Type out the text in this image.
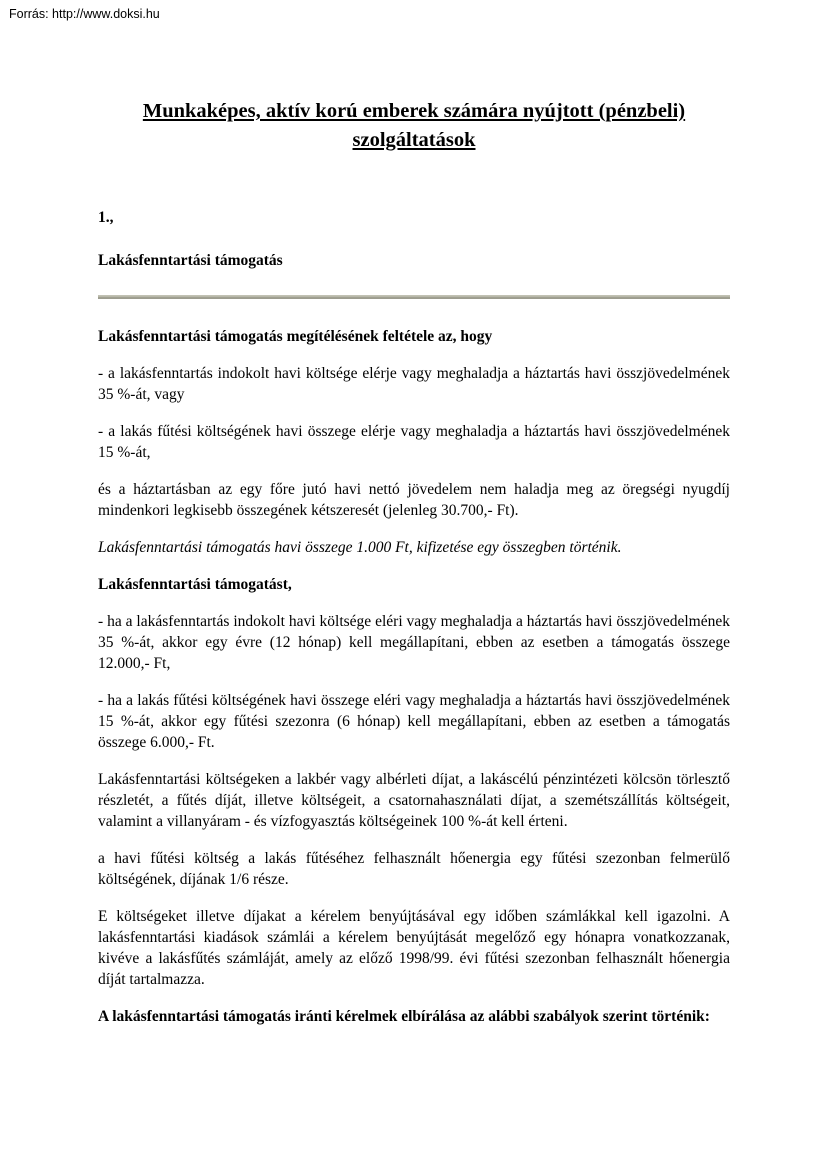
Forrás: http://www.doksi.hu
Munkaképes, aktív korú emberek számára nyújtott (pénzbeli) szolgáltatások

1.,

Lakásfenntartási támogatás

Lakásfenntartási támogatás megítélésének feltétele az, hogy

- a lakásfenntartás indokolt havi költsége elérje vagy meghaladja a háztartás havi összjövedelmének 35 %-át, vagy

- a lakás fűtési költségének havi összege elérje vagy meghaladja a háztartás havi összjövedelmének 15 %-át,

és a háztartásban az egy főre jutó havi nettó jövedelem nem haladja meg az öregségi nyugdíj mindenkori legkisebb összegének kétszeresét (jelenleg 30.700,- Ft).

Lakásfenntartási támogatás havi összege 1.000 Ft, kifizetése egy összegben történik.

Lakásfenntartási támogatást,

- ha a lakásfenntartás indokolt havi költsége eléri vagy meghaladja a háztartás havi összjövedelmének 35 %-át, akkor egy évre (12 hónap) kell megállapítani, ebben az esetben a támogatás összege 12.000,- Ft,

- ha a lakás fűtési költségének havi összege eléri vagy meghaladja a háztartás havi összjövedelmének 15 %-át, akkor egy fűtési szezonra (6 hónap) kell megállapítani, ebben az esetben a támogatás összege 6.000,- Ft.

Lakásfenntartási költségeken a lakbér vagy albérleti díjat, a lakáscélú pénzintézeti kölcsön törlesztő részletét, a fűtés díját, illetve költségeit, a csatornahasználati díjat, a szemétszállítás költségeit, valamint a villanyáram - és vízfogyasztás költségeinek 100 %-át kell érteni.

a havi fűtési költség a lakás fűtéséhez felhasznált hőenergia egy fűtési szezonban felmerülő költségének, díjának 1/6 része.

E költségeket illetve díjakat a kérelem benyújtásával egy időben számlákkal kell igazolni. A lakásfenntartási kiadások számlái a kérelem benyújtását megelőző egy hónapra vonatkozzanak, kivéve a lakásfűtés számláját, amely az előző 1998/99. évi fűtési szezonban felhasznált hőenergia díját tartalmazza.

A lakásfenntartási támogatás iránti kérelmek elbírálása az alábbi szabályok szerint történik:
